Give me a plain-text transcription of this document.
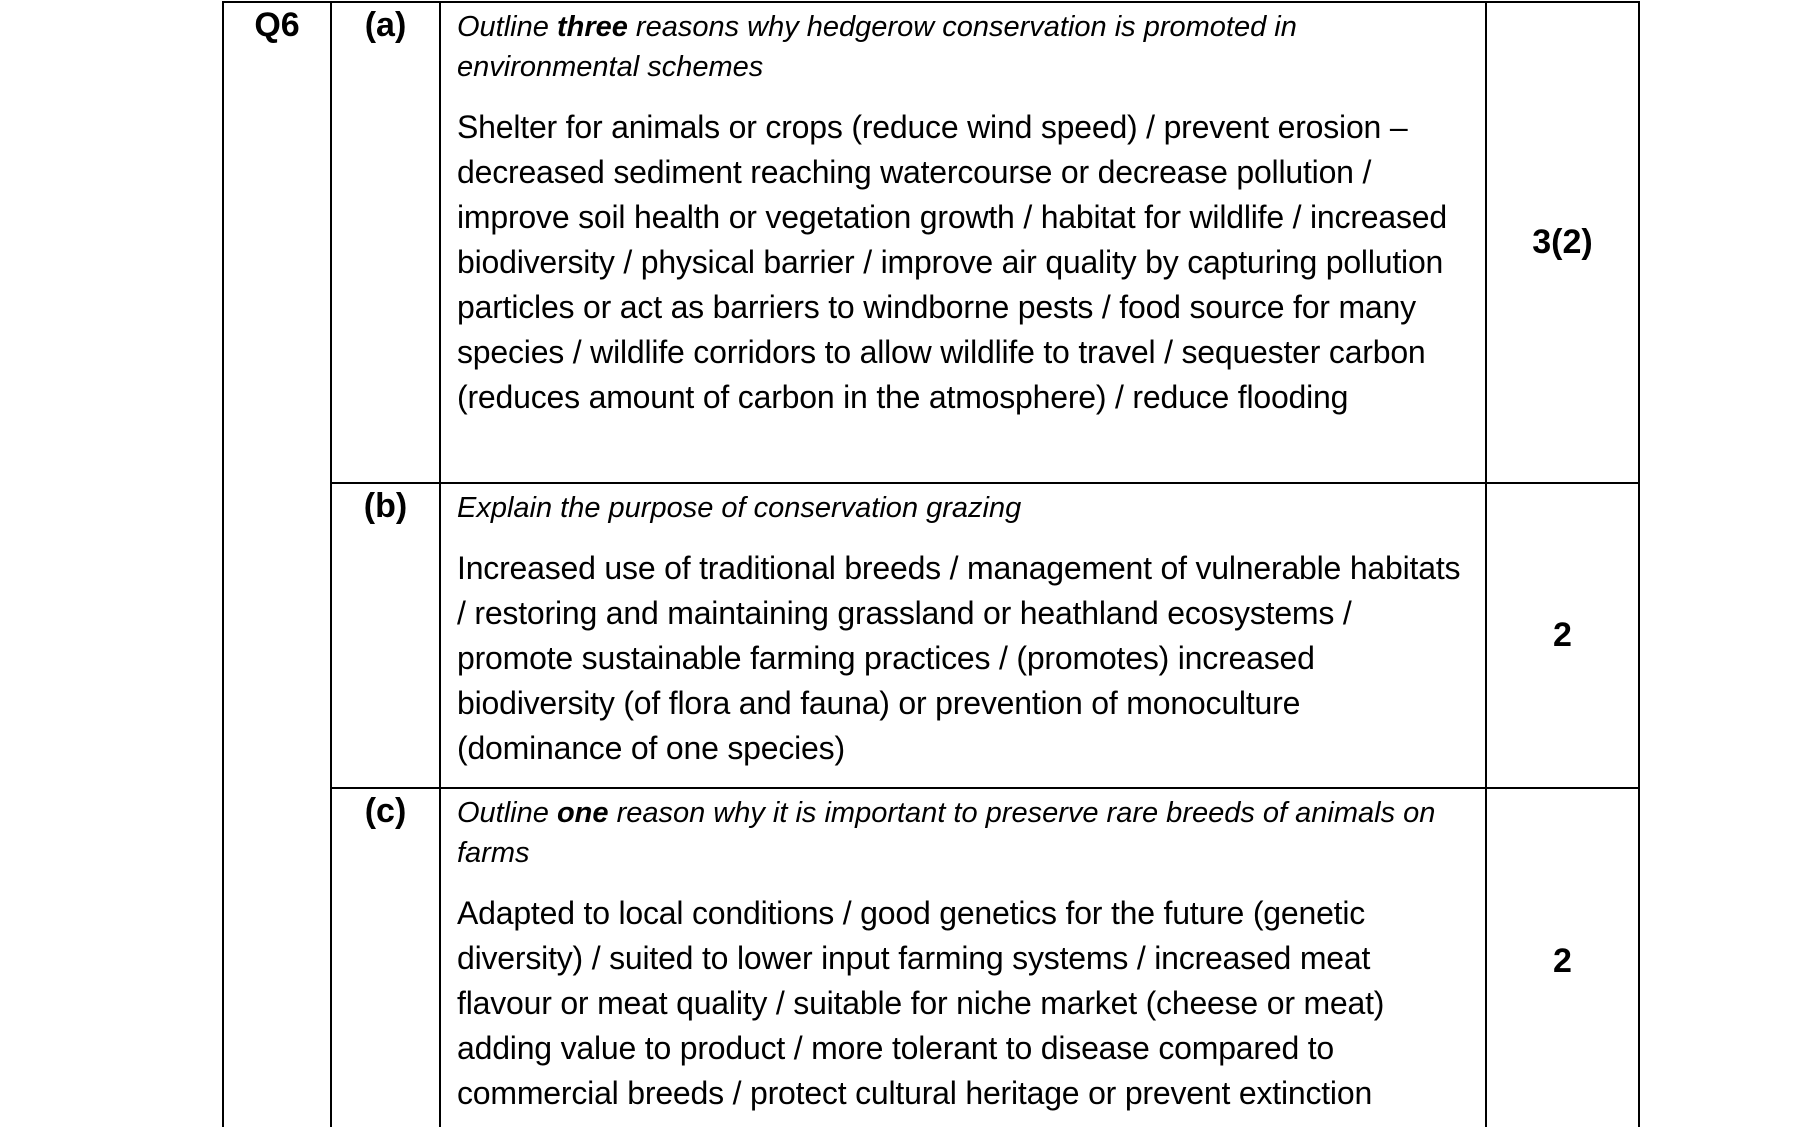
Q6	(a)	Outline three reasons why hedgerow conservation is promoted in environmental schemes

Shelter for animals or crops (reduce wind speed) / prevent erosion – decreased sediment reaching watercourse or decrease pollution / improve soil health or vegetation growth / habitat for wildlife / increased biodiversity / physical barrier / improve air quality by capturing pollution particles or act as barriers to windborne pests / food source for many species / wildlife corridors to allow wildlife to travel / sequester carbon (reduces amount of carbon in the atmosphere) / reduce flooding	3(2)

	(b)	Explain the purpose of conservation grazing

Increased use of traditional breeds / management of vulnerable habitats / restoring and maintaining grassland or heathland ecosystems / promote sustainable farming practices / (promotes) increased biodiversity (of flora and fauna) or prevention of monoculture (dominance of one species)	2

	(c)	Outline one reason why it is important to preserve rare breeds of animals on farms

Adapted to local conditions / good genetics for the future (genetic diversity) / suited to lower input farming systems / increased meat flavour or meat quality / suitable for niche market (cheese or meat) adding value to product / more tolerant to disease compared to commercial breeds / protect cultural heritage or prevent extinction	2
